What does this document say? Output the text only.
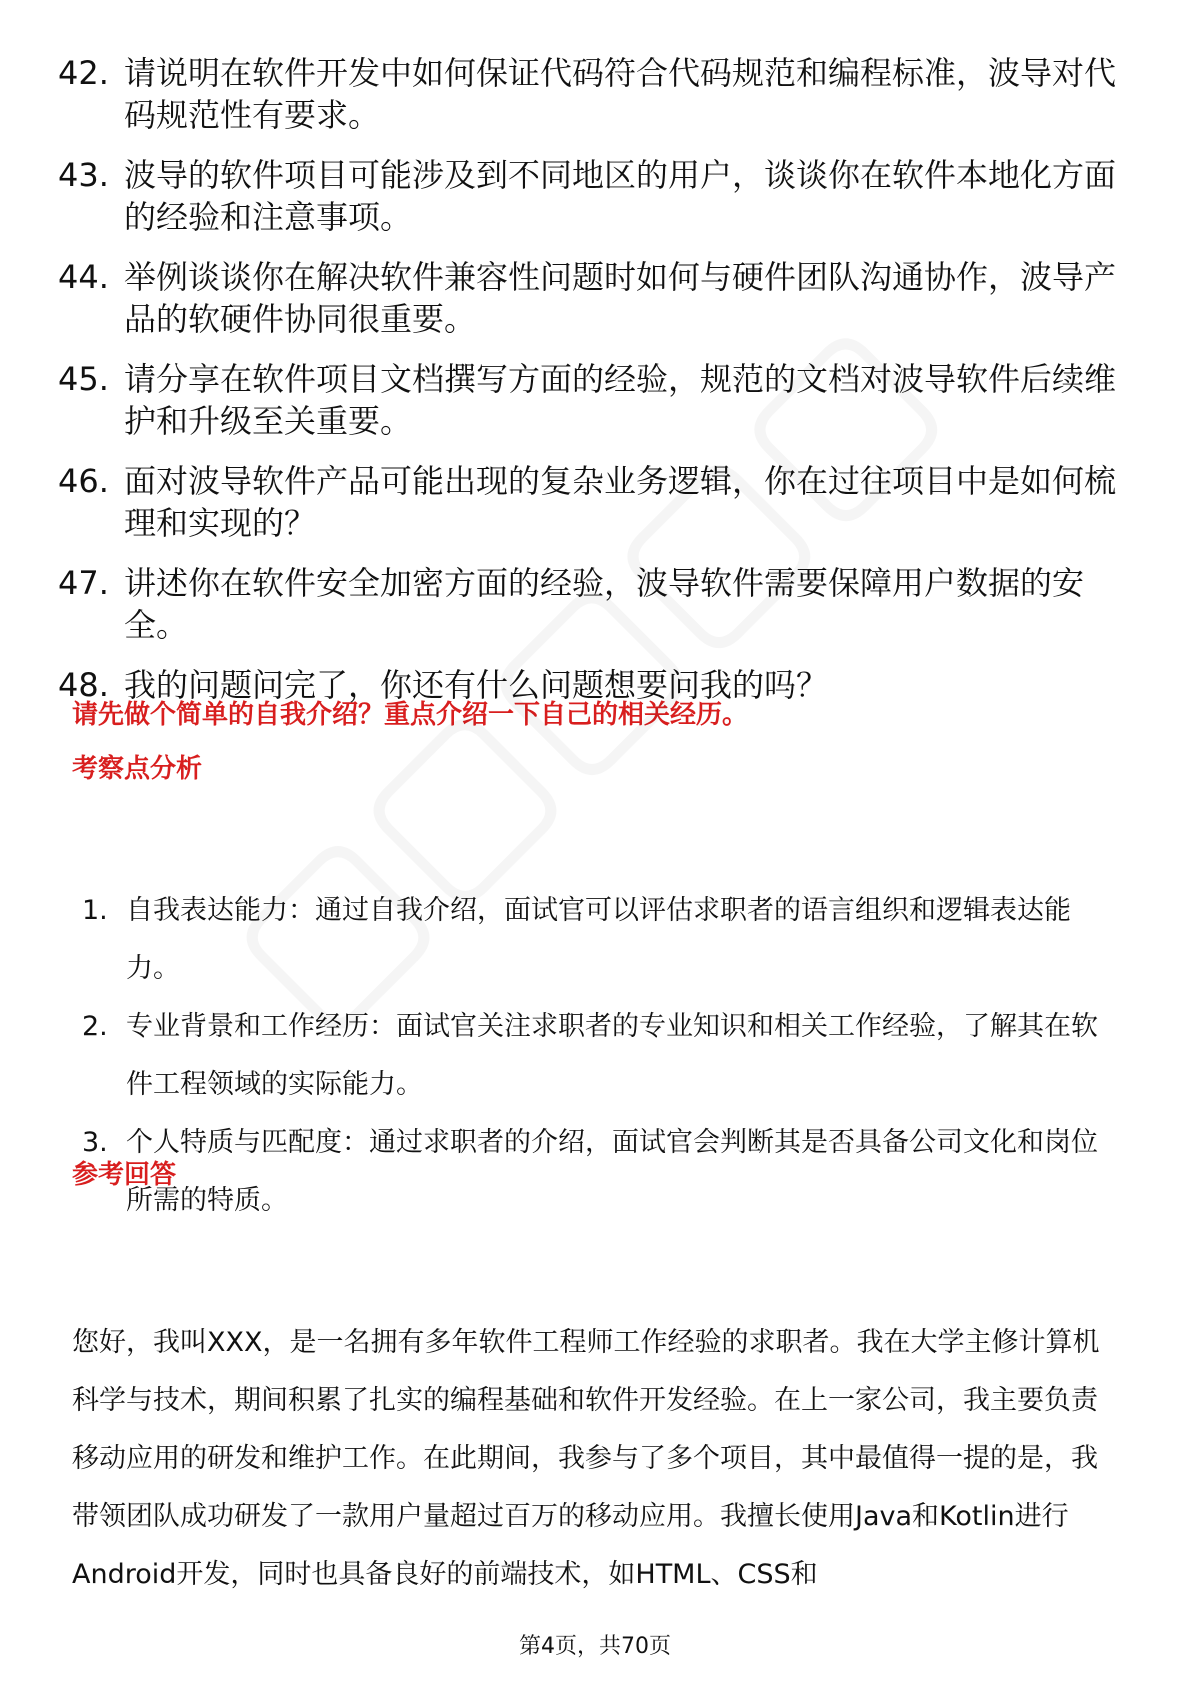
42. 请说明在软件开发中如何保证代码符合代码规范和编程标准，波导对代码规范性有要求。
43. 波导的软件项目可能涉及到不同地区的用户，谈谈你在软件本地化方面的经验和注意事项。
44. 举例谈谈你在解决软件兼容性问题时如何与硬件团队沟通协作，波导产品的软硬件协同很重要。
45. 请分享在软件项目文档撰写方面的经验，规范的文档对波导软件后续维护和升级至关重要。
46. 面对波导软件产品可能出现的复杂业务逻辑，你在过往项目中是如何梳理和实现的？
47. 讲述你在软件安全加密方面的经验，波导软件需要保障用户数据的安全。
48. 我的问题问完了，你还有什么问题想要问我的吗？
请先做个简单的自我介绍？重点介绍一下自己的相关经历。
考察点分析
1. 自我表达能力：通过自我介绍，面试官可以评估求职者的语言组织和逻辑表达能力。
2. 专业背景和工作经历：面试官关注求职者的专业知识和相关工作经验，了解其在软件工程领域的实际能力。
3. 个人特质与匹配度：通过求职者的介绍，面试官会判断其是否具备公司文化和岗位所需的特质。
参考回答
您好，我叫XXX，是一名拥有多年软件工程师工作经验的求职者。我在大学主修计算机科学与技术，期间积累了扎实的编程基础和软件开发经验。在上一家公司，我主要负责移动应用的研发和维护工作。在此期间，我参与了多个项目，其中最值得一提的是，我带领团队成功研发了一款用户量超过百万的移动应用。我擅长使用Java和Kotlin进行Android开发，同时也具备良好的前端技术，如HTML、CSS和
第4页，共70页
